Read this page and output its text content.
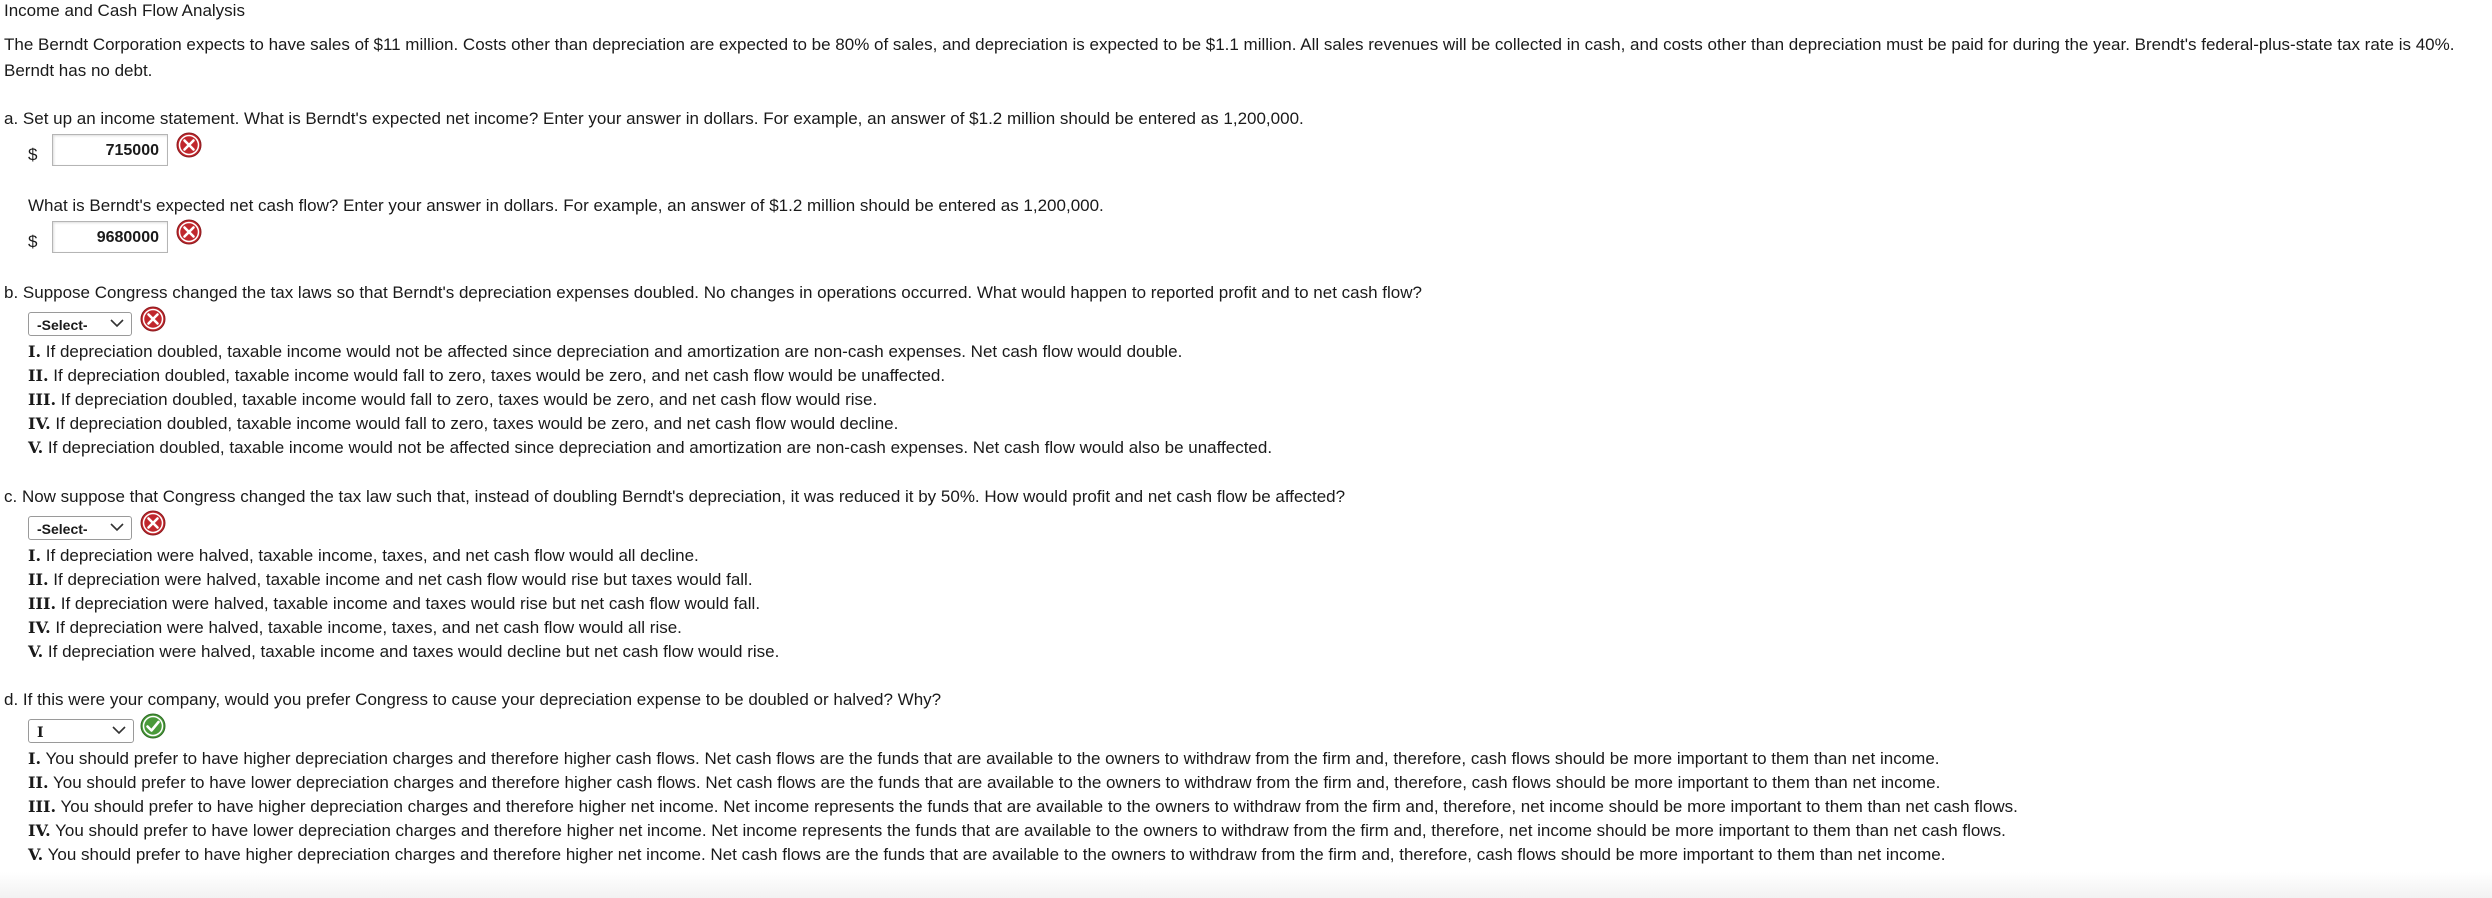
Income and Cash Flow Analysis
The Berndt Corporation expects to have sales of $11 million. Costs other than depreciation are expected to be 80% of sales, and depreciation is expected to be $1.1 million. All sales revenues will be collected in cash, and costs other than depreciation must be paid for during the year. Brendt's federal-plus-state tax rate is 40%. Berndt has no debt.

a. Set up an income statement. What is Berndt's expected net income? Enter your answer in dollars. For example, an answer of $1.2 million should be entered as 1,200,000.

$	715000

What is Berndt's expected net cash flow? Enter your answer in dollars. For example, an answer of $1.2 million should be entered as 1,200,000.

$	9680000

b. Suppose Congress changed the tax laws so that Berndt's depreciation expenses doubled. No changes in operations occurred. What would happen to reported profit and to net cash flow?

-Select-
I. If depreciation doubled, taxable income would not be affected since depreciation and amortization are non-cash expenses. Net cash flow would double.
II. If depreciation doubled, taxable income would fall to zero, taxes would be zero, and net cash flow would be unaffected.
III. If depreciation doubled, taxable income would fall to zero, taxes would be zero, and net cash flow would rise.
IV. If depreciation doubled, taxable income would fall to zero, taxes would be zero, and net cash flow would decline.
V. If depreciation doubled, taxable income would not be affected since depreciation and amortization are non-cash expenses. Net cash flow would also be unaffected.

c. Now suppose that Congress changed the tax law such that, instead of doubling Berndt's depreciation, it was reduced it by 50%. How would profit and net cash flow be affected?

-Select-
I. If depreciation were halved, taxable income, taxes, and net cash flow would all decline.
II. If depreciation were halved, taxable income and net cash flow would rise but taxes would fall.
III. If depreciation were halved, taxable income and taxes would rise but net cash flow would fall.
IV. If depreciation were halved, taxable income, taxes, and net cash flow would all rise.
V. If depreciation were halved, taxable income and taxes would decline but net cash flow would rise.

d. If this were your company, would you prefer Congress to cause your depreciation expense to be doubled or halved? Why?

I
I. You should prefer to have higher depreciation charges and therefore higher cash flows. Net cash flows are the funds that are available to the owners to withdraw from the firm and, therefore, cash flows should be more important to them than net income.
II. You should prefer to have lower depreciation charges and therefore higher cash flows. Net cash flows are the funds that are available to the owners to withdraw from the firm and, therefore, cash flows should be more important to them than net income.
III. You should prefer to have higher depreciation charges and therefore higher net income. Net income represents the funds that are available to the owners to withdraw from the firm and, therefore, net income should be more important to them than net cash flows.
IV. You should prefer to have lower depreciation charges and therefore higher net income. Net income represents the funds that are available to the owners to withdraw from the firm and, therefore, net income should be more important to them than net cash flows.
V. You should prefer to have higher depreciation charges and therefore higher net income. Net cash flows are the funds that are available to the owners to withdraw from the firm and, therefore, cash flows should be more important to them than net income.
